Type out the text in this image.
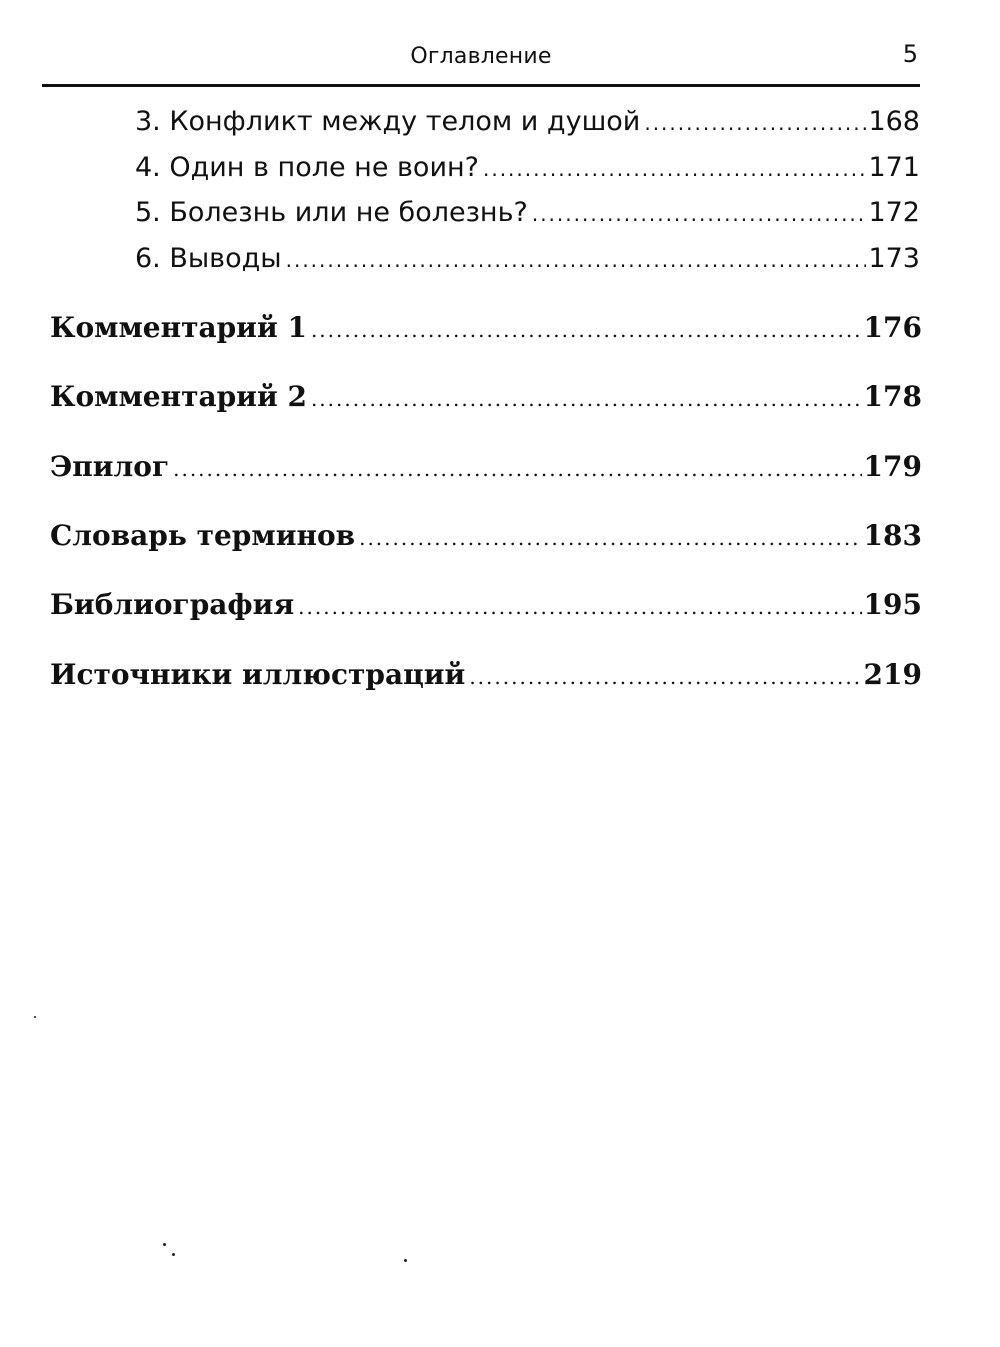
Оглавление	5
3. Конфликт между телом и душой .....	168
4. Один в поле не воин? .....	171
5. Болезнь или не болезнь? .....	172
6. Выводы .....	173
Комментарий 1 .....	176
Комментарий 2 .....	178
Эпилог .....	179
Словарь терминов .....	183
Библиография .....	195
Источники иллюстраций .....	219
